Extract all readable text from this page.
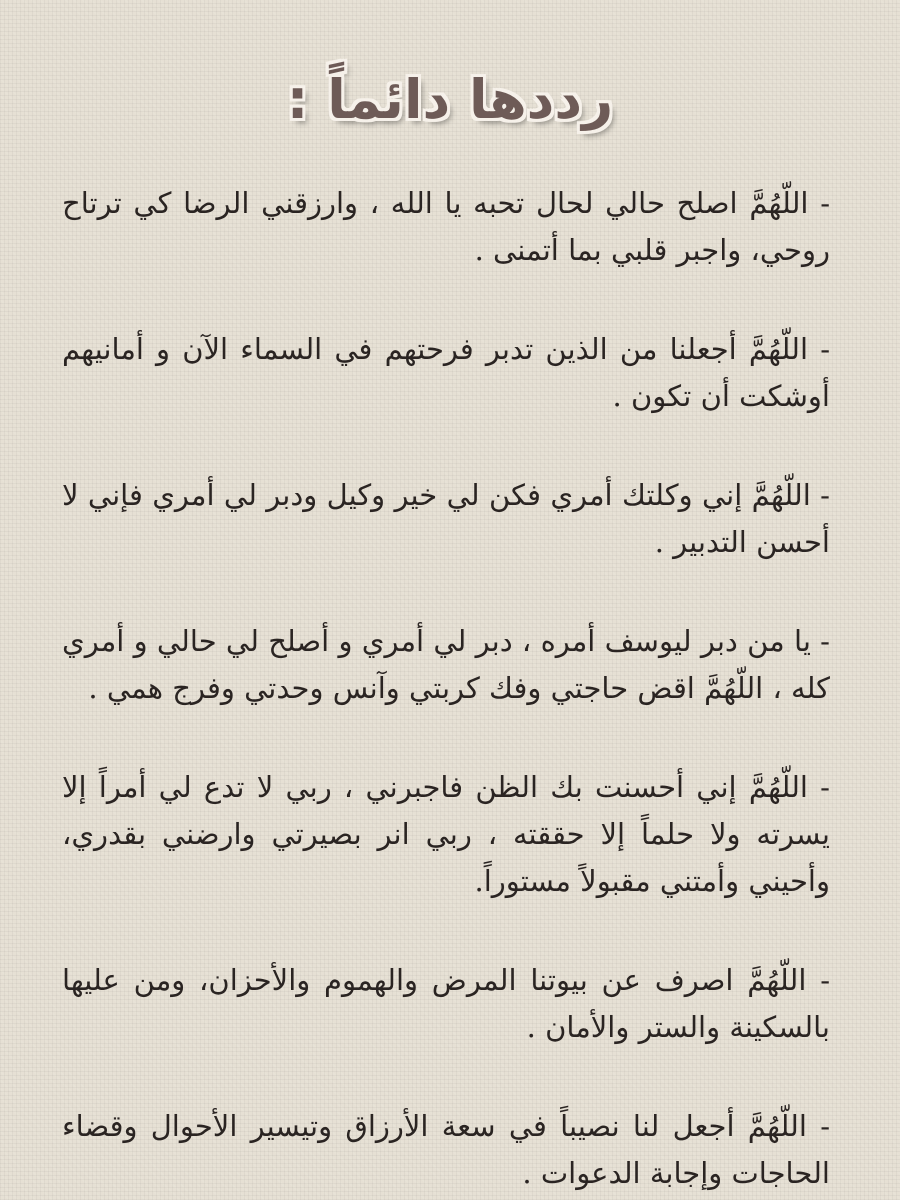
رددها دائماً :

- اللّهُمَّ اصلح حالي لحال تحبه يا الله ، وارزقني الرضا كي ترتاح روحي، واجبر قلبي بما أتمنى .

- اللّهُمَّ أجعلنا من الذين تدبر فرحتهم في السماء الآن و أمانيهم أوشكت أن تكون .

- اللّهُمَّ إني وكلتك أمري فكن لي خير وكيل ودبر لي أمري فإني لا أحسن التدبير .

- يا من دبر ليوسف أمره ، دبر لي أمري و أصلح لي حالي و أمري كله ، اللّهُمَّ اقض حاجتي وفك كربتي وآنس وحدتي وفرج همي .

- اللّهُمَّ إني أحسنت بك الظن فاجبرني ، ربي لا تدع لي أمراً إلا يسرته ولا حلماً إلا حققته ، ربي انر بصيرتي وارضني بقدري، وأحيني وأمتني مقبولاً مستوراً.

- اللّهُمَّ اصرف عن بيوتنا المرض والهموم والأحزان، ومن عليها بالسكينة والستر والأمان .

- اللّهُمَّ أجعل لنا نصيباً في سعة الأرزاق وتيسير الأحوال وقضاء الحاجات وإجابة الدعوات .
